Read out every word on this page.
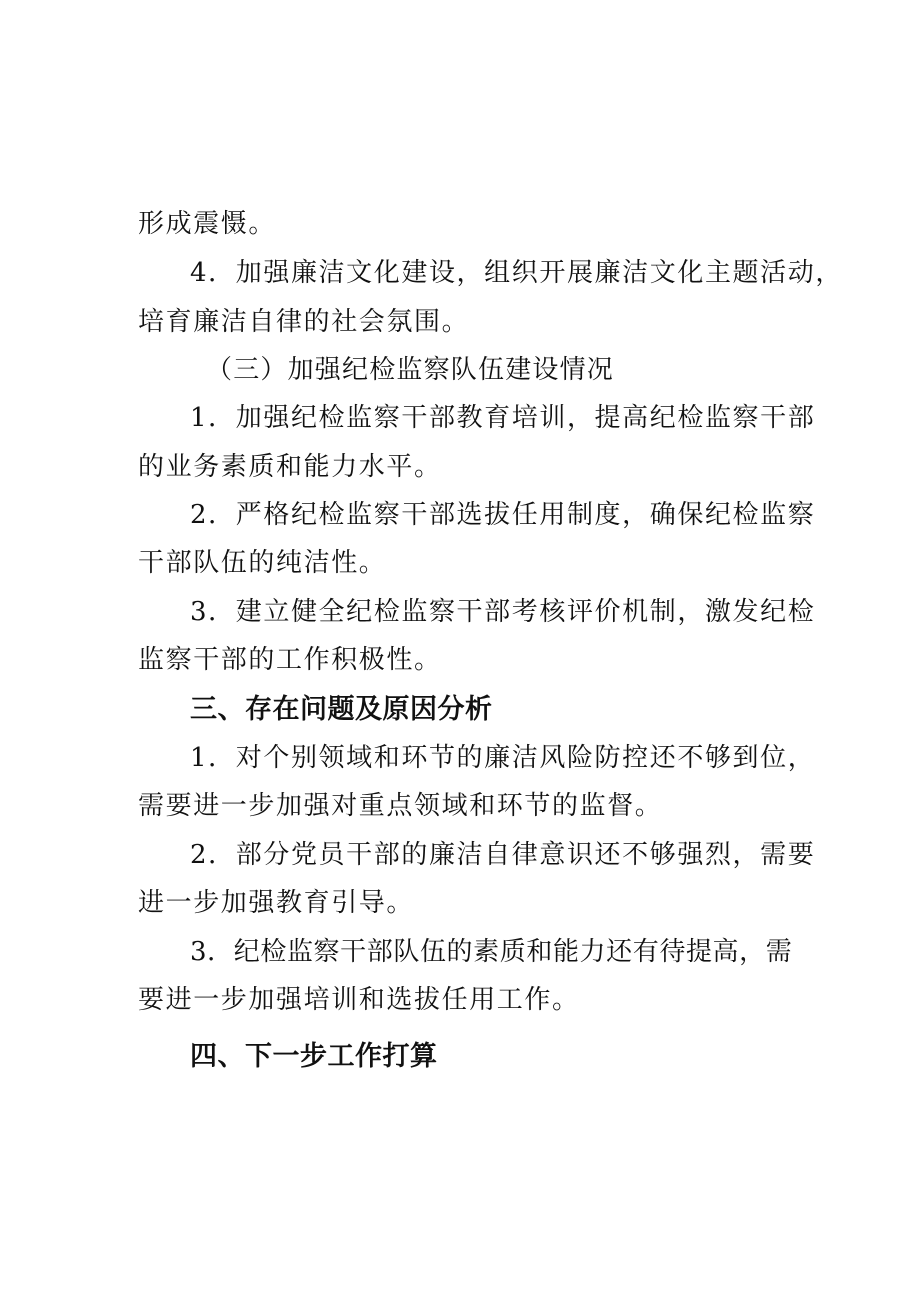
形成震慑。
4．加强廉洁文化建设，组织开展廉洁文化主题活动，
培育廉洁自律的社会氛围。
（三）加强纪检监察队伍建设情况
1．加强纪检监察干部教育培训，提高纪检监察干部
的业务素质和能力水平。
2．严格纪检监察干部选拔任用制度，确保纪检监察
干部队伍的纯洁性。
3．建立健全纪检监察干部考核评价机制，激发纪检
监察干部的工作积极性。
三、存在问题及原因分析
1．对个别领域和环节的廉洁风险防控还不够到位，
需要进一步加强对重点领域和环节的监督。
2．部分党员干部的廉洁自律意识还不够强烈，需要
进一步加强教育引导。
3．纪检监察干部队伍的素质和能力还有待提高，需
要进一步加强培训和选拔任用工作。
四、下一步工作打算
